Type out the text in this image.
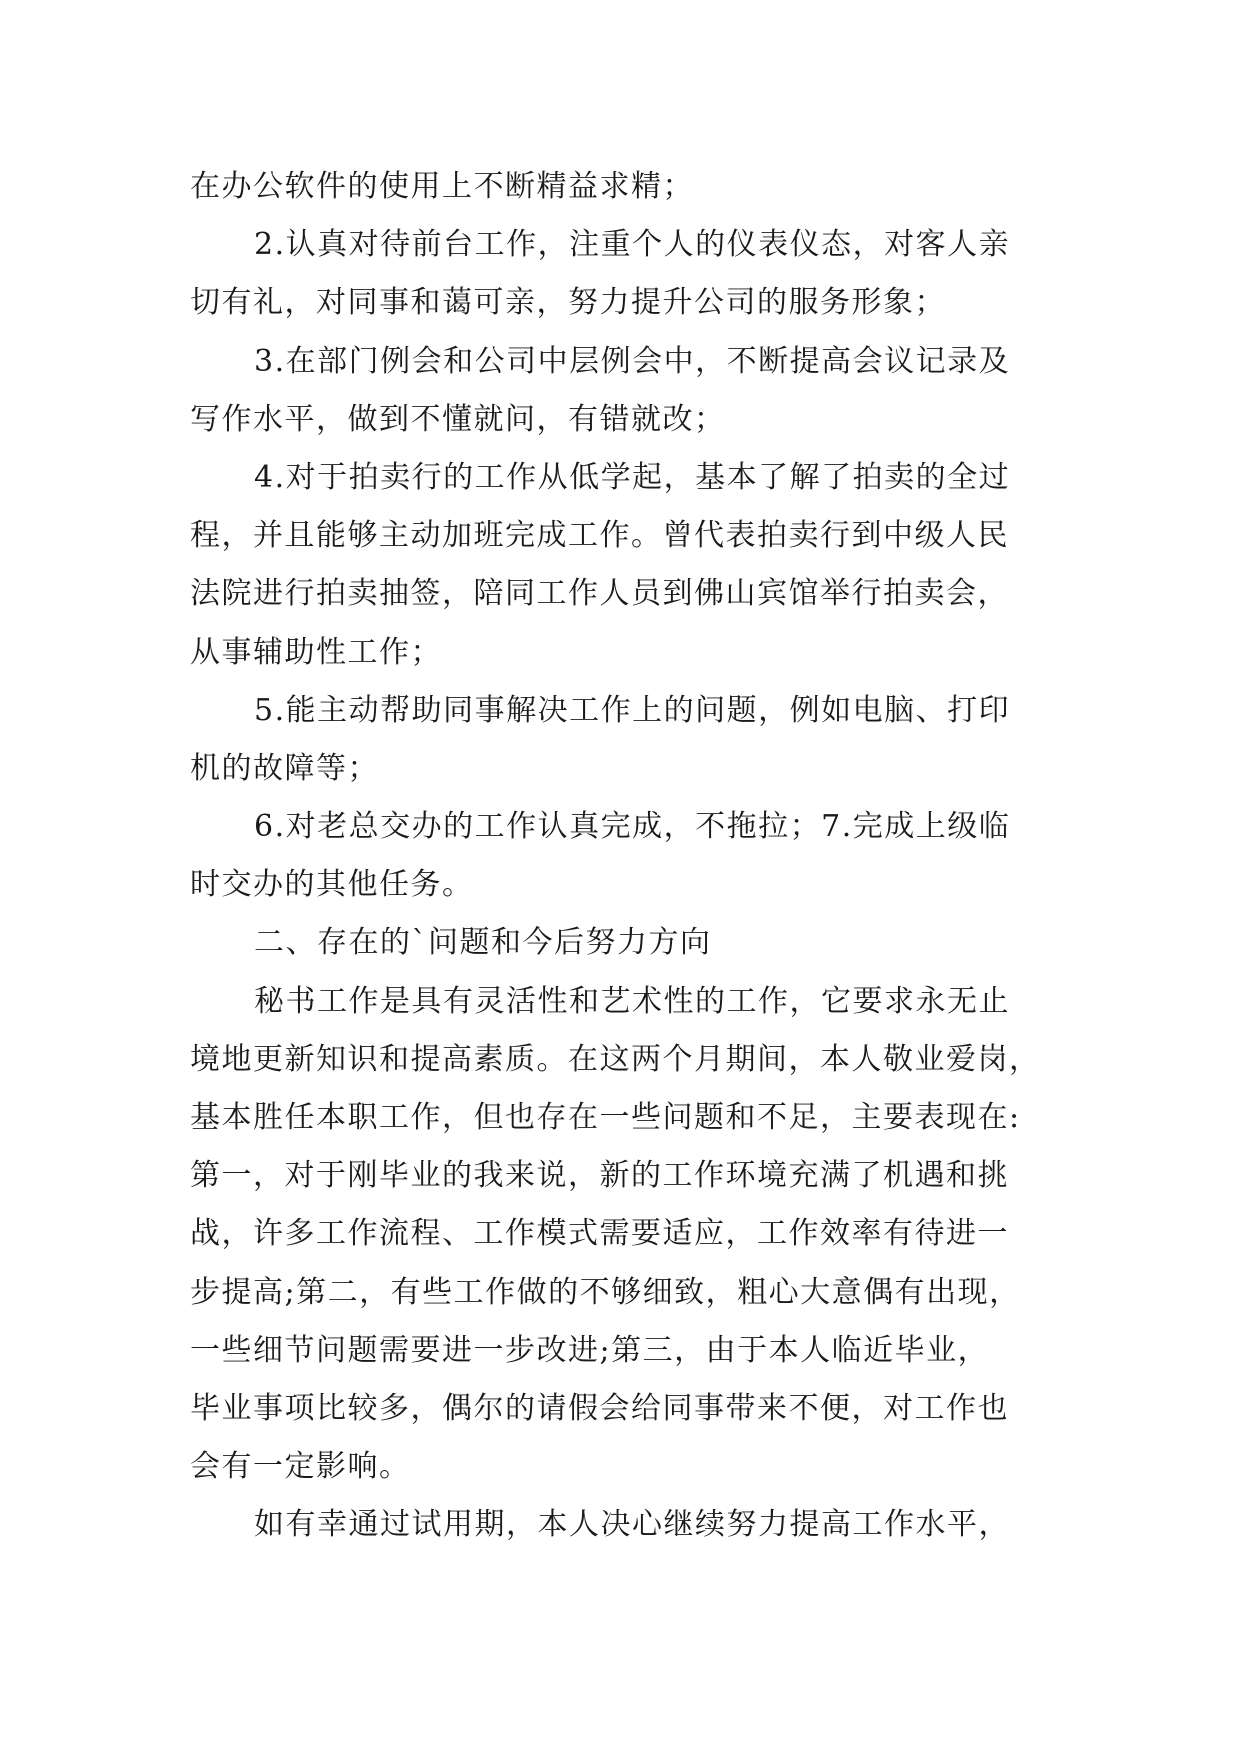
在办公软件的使用上不断精益求精；
2.认真对待前台工作，注重个人的仪表仪态，对客人亲
切有礼，对同事和蔼可亲，努力提升公司的服务形象；
3.在部门例会和公司中层例会中，不断提高会议记录及
写作水平，做到不懂就问，有错就改；
4.对于拍卖行的工作从低学起，基本了解了拍卖的全过
程，并且能够主动加班完成工作。曾代表拍卖行到中级人民
法院进行拍卖抽签，陪同工作人员到佛山宾馆举行拍卖会，
从事辅助性工作；
5.能主动帮助同事解决工作上的问题，例如电脑、打印
机的故障等；
6.对老总交办的工作认真完成，不拖拉；7.完成上级临
时交办的其他任务。
二、存在的`问题和今后努力方向
秘书工作是具有灵活性和艺术性的工作，它要求永无止
境地更新知识和提高素质。在这两个月期间，本人敬业爱岗，
基本胜任本职工作，但也存在一些问题和不足，主要表现在:
第一，对于刚毕业的我来说，新的工作环境充满了机遇和挑
战，许多工作流程、工作模式需要适应，工作效率有待进一
步提高;第二，有些工作做的不够细致，粗心大意偶有出现，
一些细节问题需要进一步改进;第三，由于本人临近毕业，
毕业事项比较多，偶尔的请假会给同事带来不便，对工作也
会有一定影响。
如有幸通过试用期，本人决心继续努力提高工作水平，
